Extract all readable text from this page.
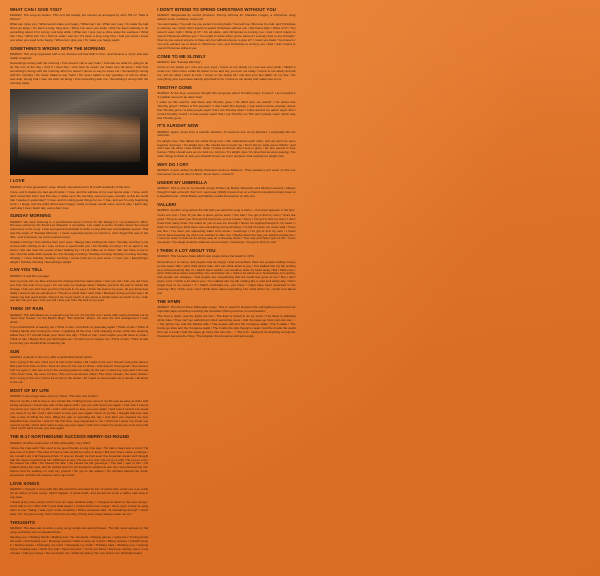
WHAT CAN I GIVE YOU?

MARGO: The song as written. This isn't the bawdy, fun version as arranged by John Hill on "Take A Picture".

What can I give you / What would make you happy / What can I do / What can I say / To make the bad times go away / It's been a long, long time / Since I've seen you smile / And I've been wanting to do something about it for a long, real long while / What can I give you to drive away the sadness / What can I buy / What can I try / Tell me what I can do / It's been a long, long time / And you know I know you when you used to be happy / What can I give you / To make you happy again

SOMETHING'S WRONG WITH THE MORNING

MARGO: This song originated with a not abusive cult that didn't come...and became a 'story' that was totally imagined.

Something's wrong with the morning / If he doesn't call to say 'hello' / And ask me what I'm going to do for the rest of the day / And if I need him / And how he needs me when he's all alone / And how something's wrong with the morning when he doesn't phone to say he loves me / Something's wrong with the morning / He never called to say 'hello' / He never called to say 'goodbye' or tell me what I was doin' wrong that I was not doin' all along / And something tells me / Something's wrong with the morning today

I LOVE

MARGO: A 'love generation' song. Simply manufactured to fit in with aesthetic of the time.

I love, and it makes me feel good inside / I love, and the window of my soul opens wide / I love, and I can't remember why I feel this way / I wake up in the morning, open my eyes, wonder: is this the world that I awoke in yesterday? / I love, and it's doing good things for me / I live, and yet I'm only beginning to be / I laugh, and the child who's been happy, ready on head, would come next to play / Each day, each day I love / Each day, every day I love

SUNDAY MORNING

MARGO: We were listening to a just-finished demo ("Come To Me Slowly") in my publisher's office. We were joined by his friend Len Maxwell, a comedian. Len made a series of jokes about the sexual references in the song. I was annoyed and decided to write a song that was unmistakably sexual. That was the origin of "Sunday Morning". I never expected anyone to record it...don't forget this was in the '60s...and it became my most-covered song!

Sunday morning / Sun shining from your eyes / Sleepy face smiling into mine / Sunday morning / Lots of time with nothing to do / Lots of time to spend with you / On Sunday morning / It's so quiet in the street / We can hear the sound of feet walking by / I'll put coffee on to brew / We can have a cup or two / And do what other people do / On Sunday morning / Sunday morning, Sunday morning, Sunday, Sunday / I love Sunday, Sunday morning / Come hold me in your arms / I love you / Everything's alright / Sunday morning / Everything's alright

CAN YOU TELL

MARGO: A real life message.

Can you look into my face and see the change that has taken place / Can you tell / Can you tell I love you from the look in my eyes / I'm not sure my feelings show / Maybe you'd be the last to notice the change / Can you tell I love you from the look in my eyes / From the look in my eyes, do you know how badly I want to tell you all about it / There's a smile that I can't hide / Because loving you the way I do makes me feel good inside / Even if we never touch, if you knew, it would mean so much to me / Can you tell / Do you see / Can you tell I love you from the look in my eyes

THINK OF RAIN

MARGO: This will always be a special song for me. It's the first one I wrote after being knocked out by "God Only Knows" on the Beach Boys' "Pet Sounds" album. It's also the first arrangement I ever wrote.

If you should think of leaving me / Think of rain / And think of yesterday again / Think of rain / Think of holding hands and running for cover / Laughing all the time / And stopping to kiss under the weeping willow tree / If I should break your heart one day / Think of rain / And maybe you will have to smile / Think of rain / Maybe then you will forgive me / I'll want you to forgive me / Think of rain / Think of rain if one day you should think of leaving me

SUN

MARGO: A paean to the sun, after a particularly harsh winter.

Sun / Lying in the sun / And a lot of rain in the winter / All I want is the sun / Doesn't everyone have a little pain from time to time / Now it's time for the sun to shine / And doesn't it feel good / Sun doesn't hurt my eyes / I can see a lot in the evening patterns made by the sun / I close my eyes and I can see / The more I feel, the more I'm free / The sun is an electric show / The more I dream, the more I know / Sun / Lying in the sun / And a lot of rain in the winter / All I want is some peace for a minute / All alone in the sun

MOST OF MY LIFE

MARGO: Love songs were once my 'thing'. This was one of them.

Most of my life, I fell in love in one minute flat / Falling in love most of my life was as easy as that / And losing someone I loved was part of the game until I met you and found you again / And now it seems I've loved you most of my life / And I don't want to lose you ever again / And now it seems I've loved you most of my life / And I don't want to lose you ever again / Most of my life, I thought that love was only a way of killing the time, filling the gap or spending the day / And then you showed me how beautiful love could be / And for the first time, love happened to me / And now I know I've loved you most of my life / And I don't want to lose you ever again / And now I know I've loved you most of my life / And I don't want to lose you ever again

THE B-17 NORTHBOUND SUCCESS MERRY-GO-ROUND

MARGO: Another expression of '60s philosophy. Very '60s!!

I knew the man well / We used to be good friends a long time ago / He had a heart and a mind / He was one of a kind / The kind of man a man would be lucky to know / But then there came a change / As I recall it all, it all happened fast / It was as though he had seen the American dream and thought that the dream would bring him fulfillment at last / He put on a suit / He put on a shirt / He put on a tie / He kissed his child / He kissed his wife / He kissed his life good-bye / The last I saw of him / He walked along the road, and he looked around / As though he wanted to see one more blossoming tree before he'd be walking on cold city ground / He got to the station / He climbed aboard the eight-seventeen northbound success merry-go-round

LOVE SONGS

MARGO: I thought a song with this title would be recorded by lots of artists who could use it as a title for an album of love songs. Didn't happen. It wrote itself...and turned out to be a rather sad song in any case.

I heard pretty love songs comin' from an open window today / I stopped to listen to the love songs / And I had to cry / Why didn't I just walk away? / I knew all the love songs / Once upon a time he sang them to me / Today, I was cryin' in the sunshine / When someone said, "Is something wrong?" / And I said, "No, it's just a song / And I can't tell you why / Pretty love songs always make me cry"

THOUGHTS

MARGO: The idea was to write a song using simple two-word phrases. The title never appears in the song, and there are no repeated lines.

Meeting you / Holding hands / Making love / No demands / Playing games / Lying low / Turning bored the-fools / And leaving you / Running around / Glad to keep on runnin' / Being undone / Couldn't keep it / Hurting inside / Changing my mind / Changing my mind / Thinking hard / Wanting you / Coming home / Feeling new / Climb the stair / Open the door / You're not there / Anymore / Empty room / Lots of tears / Call your name / No one hears me / (Nobody hears) / No one hears me / (Nobody hears)

I DON'T INTEND TO SPEND CHRISTMAS WITHOUT YOU

MARGO: Requested by record producer Tommy LiPuma for Claudine Longet, a Christmas song without snow, mistletoe, tinsel, etc.

You went away / You told me you weren't coming back / You told me / But now it's cold, and Christmas is coming, too / And I don't intend to spend Christmas without you / We had a fight / What of it? / You weren't even right / What of it? / I'm all alone, and Christmas is coming, too / And I don't intend to spend Christmas without you / You ought to know when you're alone it's a lonely time to live through / How do you expect anyone to have any fun without anyone to give to? / I want you back / You know it / You only wanted me to show it / Well here I am, and Christmas is coming, too / And I don't intend to spend Christmas without you

COME TO ME SLOWLY

MARGO: See "Sunday Morning".

Come to me slowly so I can see your eyes / Come to me slowly so I can see your smile / Watch it smile me / Now come a little bit closer to me and say you love me today / Come to me slowly and tell me, tell me what I want to hear / Come to me slowly till I can feel your lips talkin' on my lips / Do everything your eyes have silently promised to be / Come to me slowly and make love to me

TIMOTHY GOME

MARGO: At the time, everyone thought this song was about Timothy Leary. It wasn't. I just needed a 3-syllable name for an idea I had.

I woke up this mornin', and there was Timothy gone / He didn't give me warnin' / He where has Timothy gone? / Where is Tim anyway? / I don't want him anyway / I just want to know, anyway, where has Timothy gone / A lotta people sayin' that I put Timothy down / Folks around me gettin' sayin' that I turned Timothy 'round / A lotta people sayin' that I put Timothy on / But ain't nobody sayin' which way has Timothy gone

IT'S ALRIGHT NOW

MARGO: Again, arose from a real-life situation. It's become one of my favorites. I especially like the cello line.

It's alright now / We talked the whole thing over / We understand each other, and we won't be seen together anymore / It's alright now / Be careful not to touch me / Don't tell me what you're thinkin', and don't ask me what I was thinkin' when I'd play tomorrow when love is gone / No one seems to love forever / Why should ours go on / And no / And no / It's alright now / It's time that we were leaving / I've other things to think of, and you shouldn't have me cryin' anyhow / And anyhow it's alright now

WHY DO I CRY

MARGO: A gem written by Bobby Weinstein and Lou Stallman. They needed a 'girl vocal' on this one and asked me to do them a favor. Some favor...I loved it!

UNDER MY UMBRELLA

MARGO: This is one of my favorite songs! Written by Bobby Weinstein and Mickey Leonard, I always thought it had a French 'feel' to it. Last year (2010) it wound up on a French-compiled Lonely tunes to a beautiful tune. I think Bobby and Mickey outdid themselves on this one.

VALLERI

MARGO: Another song where the title tells you what the song is about -- but never appears in the lyric.

Yours are nice / They fit you like a glove you've sewn / Too bad / I've got to find my own / Yours are good / They've sewn you through the bad times you've known / Sorry / I've got to find my own / I don't know how many times I've relied on you to see me through / Never an original thought in my head / I think I'm starting to think there was something wrong all along / I'm full of words I've never said / Yours are fine / I've seen you squeezing water from stone / Good-bye / I've got to find my own / I know you've been keeping me when you wanted to after you / Maybe that's the way you believe people are / I must be crazy to look for an empty seat on a two-way street / Your way just hasn't got me far / Yours are great / You laugh at all the chances you've blown / Good-bye, I've got to find my own

I THINK A LOT ABOUT YOU

MARGO: This became Catie Elliot's last single before her death in 1974.

Somewhere it is sunny, and people may be happy / And somewhere there are people making money by the week / But I can't think about that / All I can think about is you / You walked into my life smiling as a cold and windy day / It I hadn't been careful, you would've stole my heart away / But I think once / And I think twice about everything I do / And what I do, I think a lot about you / Somewhere it is raining, and people are unhappy / And people are complaining that the world has gone to pot / But I don't worry a lot / I think a lot about you / You walked into my life smiling like a cold and windy day / Don't forget how to be tamed / It I hadn't controlled me, you know I might have been ashamed in the morning / But I think once / And I think twice about everything I do / And what I do, I think a lot about you

THE HYMN

MARGO: The first of three Watergate songs. This is meant to lampoon the self-righteous pose from an important tape-recording involving the President (Nixon) and his co-conspirators.

The heat is down, and the lights are low / The East is buried in an icy snow / The West is following circle rides / They can't go swimming in their swimming pools / And the tapes go hmm-mm-mm-mm.... / The prices rise and the Market falls / The people call and the Congress stalls / The F-stalls / The trucks go slow and the Congress stalls / The F-letts the wits though to leak / And the F-tells the world he's not a crook / And the tapes go hmm-mm-mm-mm.... / The A.G.' said he'd do anything to help the President become the King / The kingdom then became cold and empty
